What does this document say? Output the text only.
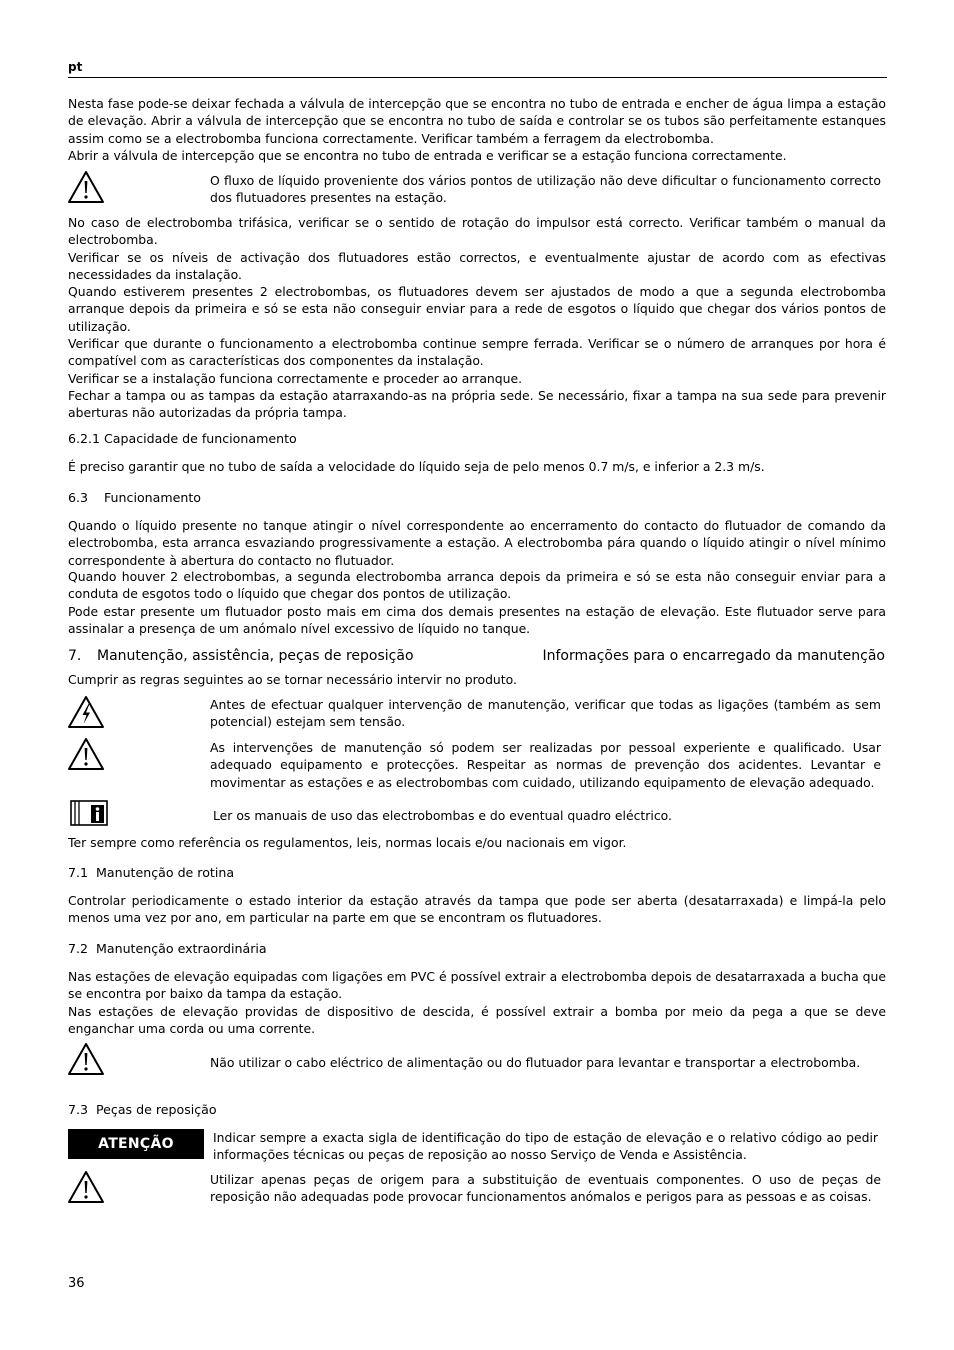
pt

Nesta fase pode-se deixar fechada a válvula de intercepção que se encontra no tubo de entrada e encher de água limpa a estação de elevação. Abrir a válvula de intercepção que se encontra no tubo de saída e controlar se os tubos são perfeitamente estanques assim como se a electrobomba funciona correctamente. Verificar também a ferragem da electrobomba.

Abrir a válvula de intercepção que se encontra no tubo de entrada e verificar se a estação funciona correctamente.

O fluxo de líquido proveniente dos vários pontos de utilização não deve dificultar o funcionamento correcto dos flutuadores presentes na estação.

No caso de electrobomba trifásica, verificar se o sentido de rotação do impulsor está correcto. Verificar também o manual da electrobomba.

Verificar se os níveis de activação dos flutuadores estão correctos, e eventualmente ajustar de acordo com as efectivas necessidades da instalação.

Quando estiverem presentes 2 electrobombas, os flutuadores devem ser ajustados de modo a que a segunda electrobomba arranque depois da primeira e só se esta não conseguir enviar para a rede de esgotos o líquido que chegar dos vários pontos de utilização.

Verificar que durante o funcionamento a electrobomba continue sempre ferrada. Verificar se o número de arranques por hora é compatível com as características dos componentes da instalação.

Verificar se a instalação funciona correctamente e proceder ao arranque.

Fechar a tampa ou as tampas da estação atarraxando-as na própria sede. Se necessário, fixar a tampa na sua sede para prevenir aberturas não autorizadas da própria tampa.

6.2.1 Capacidade de funcionamento

É preciso garantir que no tubo de saída a velocidade do líquido seja de pelo menos 0.7 m/s, e inferior a 2.3 m/s.

6.3 Funcionamento

Quando o líquido presente no tanque atingir o nível correspondente ao encerramento do contacto do flutuador de comando da electrobomba, esta arranca esvaziando progressivamente a estação. A electrobomba pára quando o líquido atingir o nível mínimo correspondente à abertura do contacto no flutuador.

Quando houver 2 electrobombas, a segunda electrobomba arranca depois da primeira e só se esta não conseguir enviar para a conduta de esgotos todo o líquido que chegar dos pontos de utilização.

Pode estar presente um flutuador posto mais em cima dos demais presentes na estação de elevação. Este flutuador serve para assinalar a presença de um anómalo nível excessivo de líquido no tanque.

7. Manutenção, assistência, peças de reposição	Informações para o encarregado da manutenção

Cumprir as regras seguintes ao se tornar necessário intervir no produto.

Antes de efectuar qualquer intervenção de manutenção, verificar que todas as ligações (também as sem potencial) estejam sem tensão.

As intervenções de manutenção só podem ser realizadas por pessoal experiente e qualificado. Usar adequado equipamento e protecções. Respeitar as normas de prevenção dos acidentes. Levantar e movimentar as estações e as electrobombas com cuidado, utilizando equipamento de elevação adequado.

Ler os manuais de uso das electrobombas e do eventual quadro eléctrico.

Ter sempre como referência os regulamentos, leis, normas locais e/ou nacionais em vigor.

7.1 Manutenção de rotina

Controlar periodicamente o estado interior da estação através da tampa que pode ser aberta (desatarraxada) e limpá-la pelo menos uma vez por ano, em particular na parte em que se encontram os flutuadores.

7.2 Manutenção extraordinária

Nas estações de elevação equipadas com ligações em PVC é possível extrair a electrobomba depois de desatarraxada a bucha que se encontra por baixo da tampa da estação.

Nas estações de elevação providas de dispositivo de descida, é possível extrair a bomba por meio da pega a que se deve enganchar uma corda ou uma corrente.

Não utilizar o cabo eléctrico de alimentação ou do flutuador para levantar e transportar a electrobomba.

7.3 Peças de reposição
ATENÇÃO	Indicar sempre a exacta sigla de identificação do tipo de estação de elevação e o relativo código ao pedir informações técnicas ou peças de reposição ao nosso Serviço de Venda e Assistência.

Utilizar apenas peças de origem para a substituição de eventuais componentes. O uso de peças de reposição não adequadas pode provocar funcionamentos anómalos e perigos para as pessoas e as coisas.

36
